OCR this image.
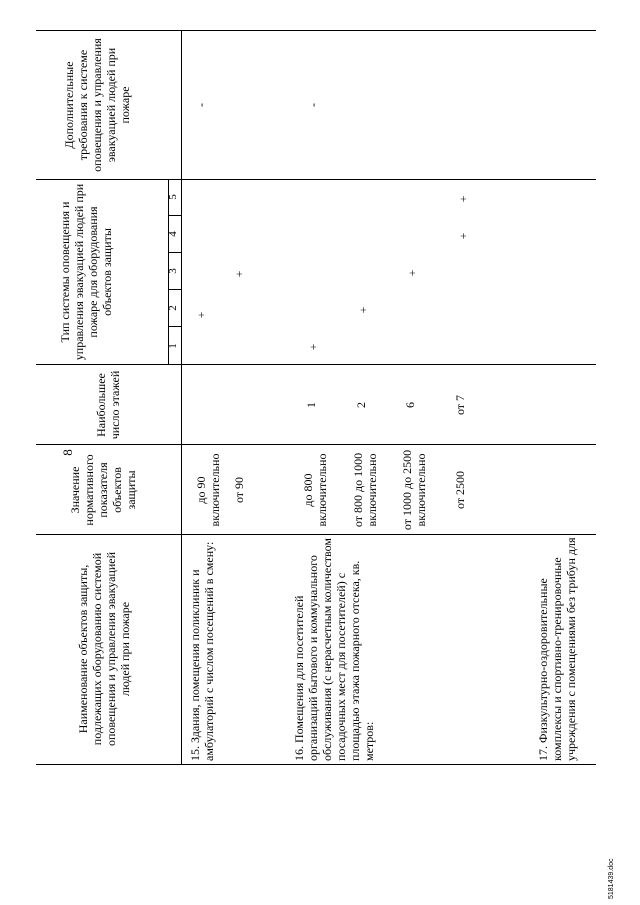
8
5181439.doc
Наименование объектов защиты, подлежащих оборудованию системой оповещения и управления эвакуацией людей при пожаре
Значение нормативного показателя объектов защиты
Наибольшее число этажей
Тип системы оповещения и управления эвакуацией людей при пожаре для оборудования объектов защиты
Дополнительные требования к системе оповещения и управления эвакуацией людей при пожаре
1
2
3
4
5
15. Здания, помещения поликлиник и амбулаторий с числом посещений в смену:
до 90 включительно
+
-
от 90
+
16. Помещения для посетителей организаций бытового и коммунального обслуживания (с нерасчетным количеством посадочных мест для посетителей) с площадью этажа пожарного отсека, кв. метров:
до 800 включительно
1
+
-
от 800 до 1000 включительно
2
+
от 1000 до 2500 включительно
6
+
от 2500
от 7
+
+
17. Физкультурно-оздоровительные комплексы и спортивно-тренировочные учреждения с помещениями без трибун для
